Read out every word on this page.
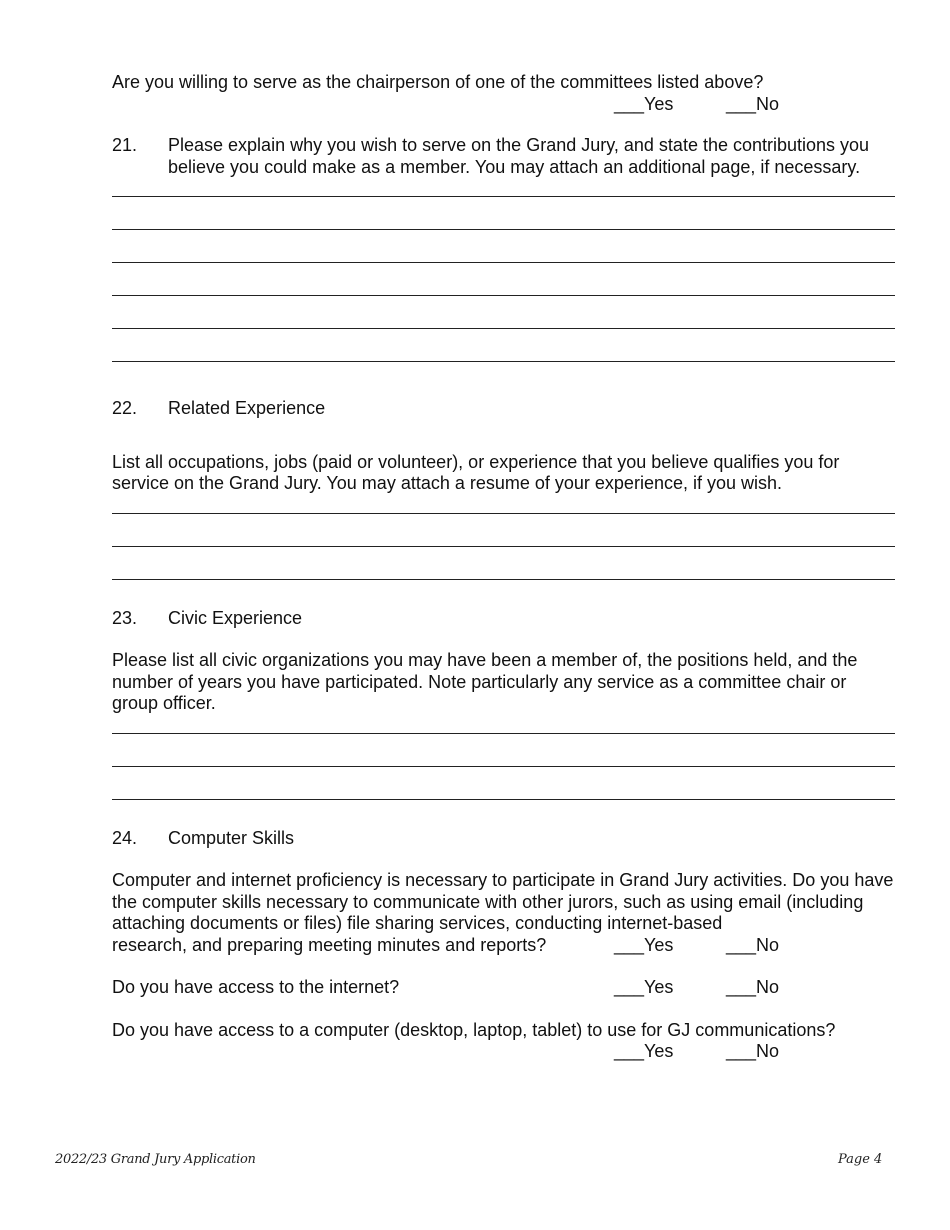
Are you willing to serve as the chairperson of one of the committees listed above?

___Yes	___No
21.	Please explain why you wish to serve on the Grand Jury, and state the contributions you believe you could make as a member. You may attach an additional page, if necessary.
22.	Related Experience

List all occupations, jobs (paid or volunteer), or experience that you believe qualifies you for service on the Grand Jury. You may attach a resume of your experience, if you wish.

23.	Civic Experience

Please list all civic organizations you may have been a member of, the positions held, and the number of years you have participated. Note particularly any service as a committee chair or group officer.

24.	Computer Skills

Computer and internet proficiency is necessary to participate in Grand Jury activities. Do you have the computer skills necessary to communicate with other jurors, such as using email (including attaching documents or files) file sharing services, conducting internet-based

research, and preparing meeting minutes and reports?	___Yes	___No
Do you have access to the internet?	___Yes	___No

Do you have access to a computer (desktop, laptop, tablet) to use for GJ communications?

___Yes	___No
2022/23 Grand Jury Application	Page 4
